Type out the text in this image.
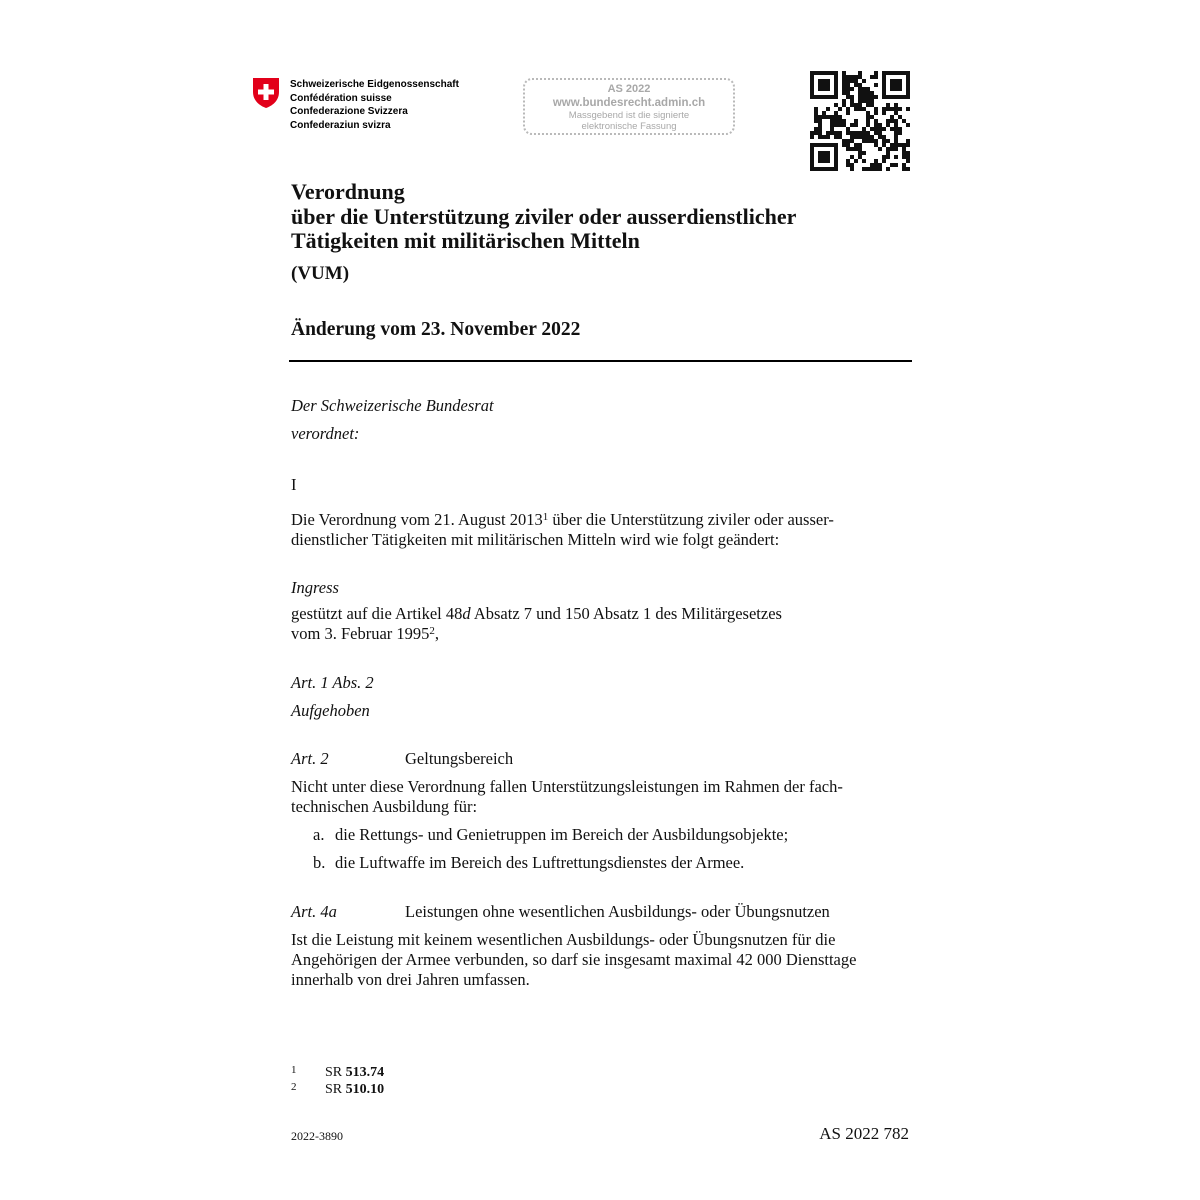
Schweizerische Eidgenossenschaft
Confédération suisse
Confederazione Svizzera
Confederaziun svizra
AS 2022
www.bundesrecht.admin.ch
Massgebend ist die signierte
elektronische Fassung
Verordnung
über die Unterstützung ziviler oder ausserdienstlicher
Tätigkeiten mit militärischen Mitteln
(VUM)
Änderung vom 23. November 2022
Der Schweizerische Bundesrat
verordnet:
I
Die Verordnung vom 21. August 2013$^1$ über die Unterstützung ziviler oder ausser-
dienstlicher Tätigkeiten mit militärischen Mitteln wird wie folgt geändert:
Ingress
gestützt auf die Artikel 48d Absatz 7 und 150 Absatz 1 des Militärgesetzes
vom 3. Februar 1995$^2$,
Art. 1 Abs. 2
Aufgehoben
Art. 2	Geltungsbereich
Nicht unter diese Verordnung fallen Unterstützungsleistungen im Rahmen der fach-
technischen Ausbildung für:
a. die Rettungs- und Genietruppen im Bereich der Ausbildungsobjekte;
b. die Luftwaffe im Bereich des Luftrettungsdienstes der Armee.
Art. 4a	Leistungen ohne wesentlichen Ausbildungs- oder Übungsnutzen
Ist die Leistung mit keinem wesentlichen Ausbildungs- oder Übungsnutzen für die
Angehörigen der Armee verbunden, so darf sie insgesamt maximal 42 000 Diensttage
innerhalb von drei Jahren umfassen.
1 SR 513.74
2 SR 510.10
2022-3890	AS 2022 782
